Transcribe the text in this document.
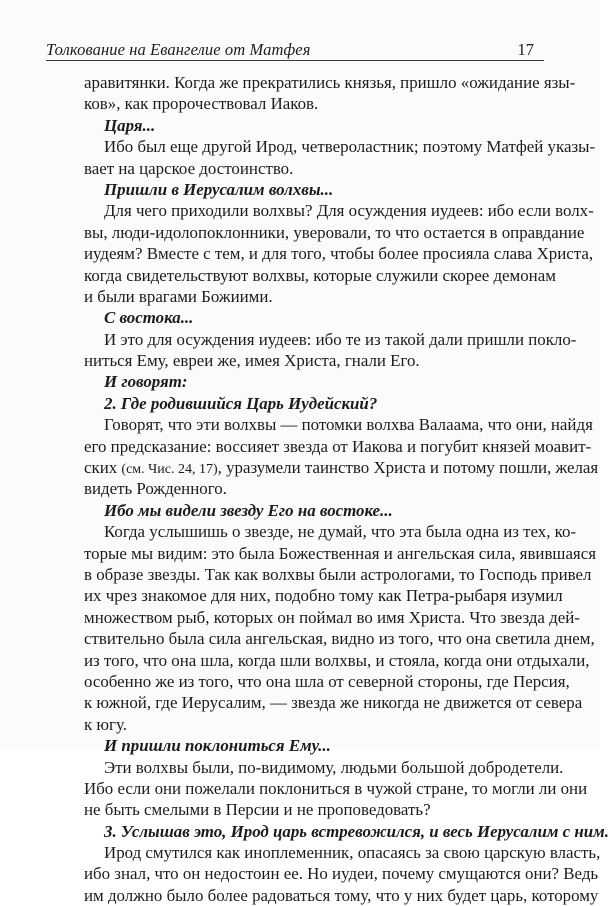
Толкование на Евангелие от Матфея	17
аравитянки. Когда же прекратились князья, пришло «ожидание язы-
ков», как пророчествовал Иаков.
Царя...
Ибо был еще другой Ирод, четвероластник; поэтому Матфей указы-
вает на царское достоинство.
Пришли в Иерусалим волхвы...
Для чего приходили волхвы? Для осуждения иудеев: ибо если волх-
вы, люди-идолопоклонники, уверовали, то что остается в оправдание
иудеям? Вместе с тем, и для того, чтобы более просияла слава Христа,
когда свидетельствуют волхвы, которые служили скорее демонам
и были врагами Божиими.
С востока...
И это для осуждения иудеев: ибо те из такой дали пришли покло-
ниться Ему, евреи же, имея Христа, гнали Его.
И говорят:
2. Где родившийся Царь Иудейский?
Говорят, что эти волхвы — потомки волхва Валаама, что они, найдя
его предсказание: воссияет звезда от Иакова и погубит князей моавит-
ских (см. Чис. 24, 17), уразумели таинство Христа и потому пошли, желая
видеть Рожденного.
Ибо мы видели звезду Его на востоке...
Когда услышишь о звезде, не думай, что эта была одна из тех, ко-
торые мы видим: это была Божественная и ангельская сила, явившаяся
в образе звезды. Так как волхвы были астрологами, то Господь привел
их чрез знакомое для них, подобно тому как Петра-рыбаря изумил
множеством рыб, которых он поймал во имя Христа. Что звезда дей-
ствительно была сила ангельская, видно из того, что она светила днем,
из того, что она шла, когда шли волхвы, и стояла, когда они отдыхали,
особенно же из того, что она шла от северной стороны, где Персия,
к южной, где Иерусалим, — звезда же никогда не движется от севера
к югу.
И пришли поклониться Ему...
Эти волхвы были, по-видимому, людьми большой добродетели.
Ибо если они пожелали поклониться в чужой стране, то могли ли они
не быть смелыми в Персии и не проповедовать?
3. Услышав это, Ирод царь встревожился, и весь Иерусалим с ним.
Ирод смутился как иноплеменник, опасаясь за свою царскую власть,
ибо знал, что он недостоин ее. Но иудеи, почему смущаются они? Ведь
им должно было более радоваться тому, что у них будет царь, которому
